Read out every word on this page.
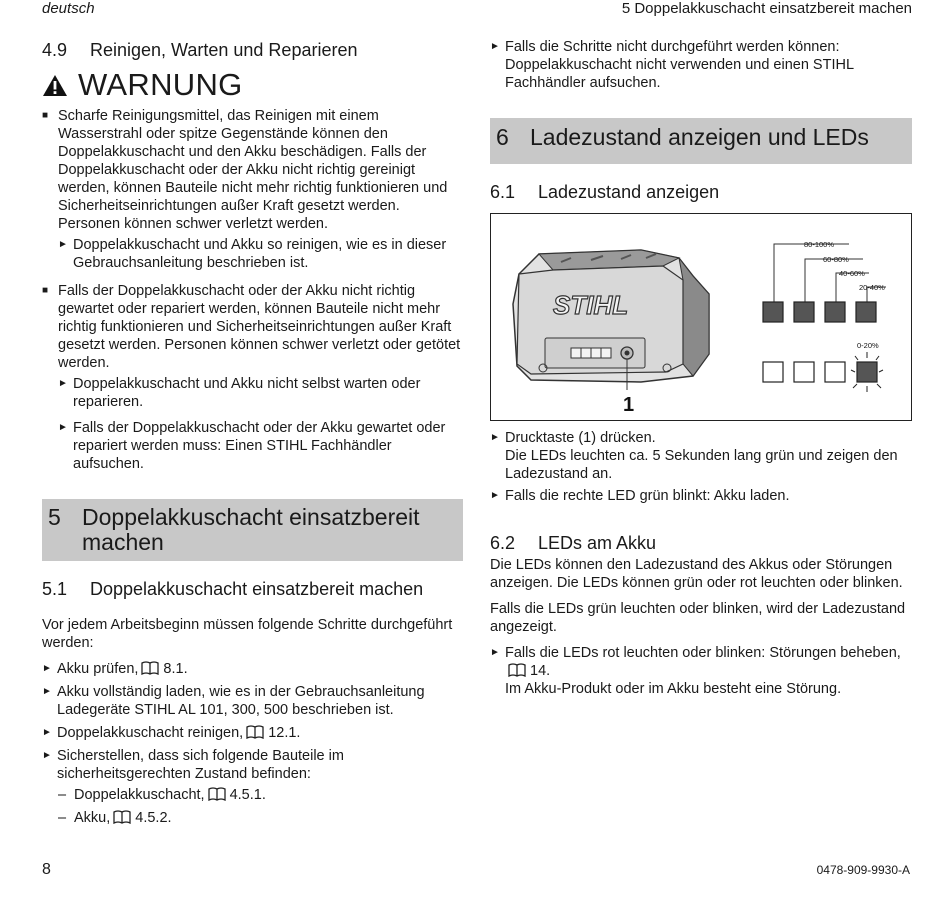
deutsch	5 Doppelakkuschacht einsatzbereit machen
4.9	Reinigen, Warten und Reparieren
WARNUNG
■ Scharfe Reinigungsmittel, das Reinigen mit einem Wasserstrahl oder spitze Gegenstände können den Doppelakkuschacht und den Akku beschädigen. Falls der Doppelakkuschacht oder der Akku nicht richtig gereinigt werden, können Bauteile nicht mehr richtig funktionieren und Sicherheitseinrichtungen außer Kraft gesetzt werden. Personen können schwer verletzt werden.
► Doppelakkuschacht und Akku so reinigen, wie es in dieser Gebrauchsanleitung beschrieben ist.
■ Falls der Doppelakkuschacht oder der Akku nicht richtig gewartet oder repariert werden, können Bauteile nicht mehr richtig funktionieren und Sicherheitseinrichtungen außer Kraft gesetzt werden. Personen können schwer verletzt oder getötet werden.
► Doppelakkuschacht und Akku nicht selbst warten oder reparieren.
► Falls der Doppelakkuschacht oder der Akku gewartet oder repariert werden muss: Einen STIHL Fachhändler aufsuchen.
5 Doppelakkuschacht einsatzbereit machen
5.1	Doppelakkuschacht einsatzbereit machen
Vor jedem Arbeitsbeginn müssen folgende Schritte durchgeführt werden:
► Akku prüfen, 8.1.
► Akku vollständig laden, wie es in der Gebrauchsanleitung Ladegeräte STIHL AL 101, 300, 500 beschrieben ist.
► Doppelakkuschacht reinigen, 12.1.
► Sicherstellen, dass sich folgende Bauteile im sicherheitsgerechten Zustand befinden:
– Doppelakkuschacht, 4.5.1.
– Akku, 4.5.2.
► Falls die Schritte nicht durchgeführt werden können: Doppelakkuschacht nicht verwenden und einen STIHL Fachhändler aufsuchen.
6 Ladezustand anzeigen und LEDs
6.1	Ladezustand anzeigen
STIHL
1
80-100%
60-80%
40-60%
20-40%
0-20%
► Drucktaste (1) drücken.
Die LEDs leuchten ca. 5 Sekunden lang grün und zeigen den Ladezustand an.
► Falls die rechte LED grün blinkt: Akku laden.
6.2	LEDs am Akku
Die LEDs können den Ladezustand des Akkus oder Störungen anzeigen. Die LEDs können grün oder rot leuchten oder blinken.
Falls die LEDs grün leuchten oder blinken, wird der Ladezustand angezeigt.
► Falls die LEDs rot leuchten oder blinken: Störungen beheben,14.
Im Akku-Produkt oder im Akku besteht eine Störung.
8	0478-909-9930-A
